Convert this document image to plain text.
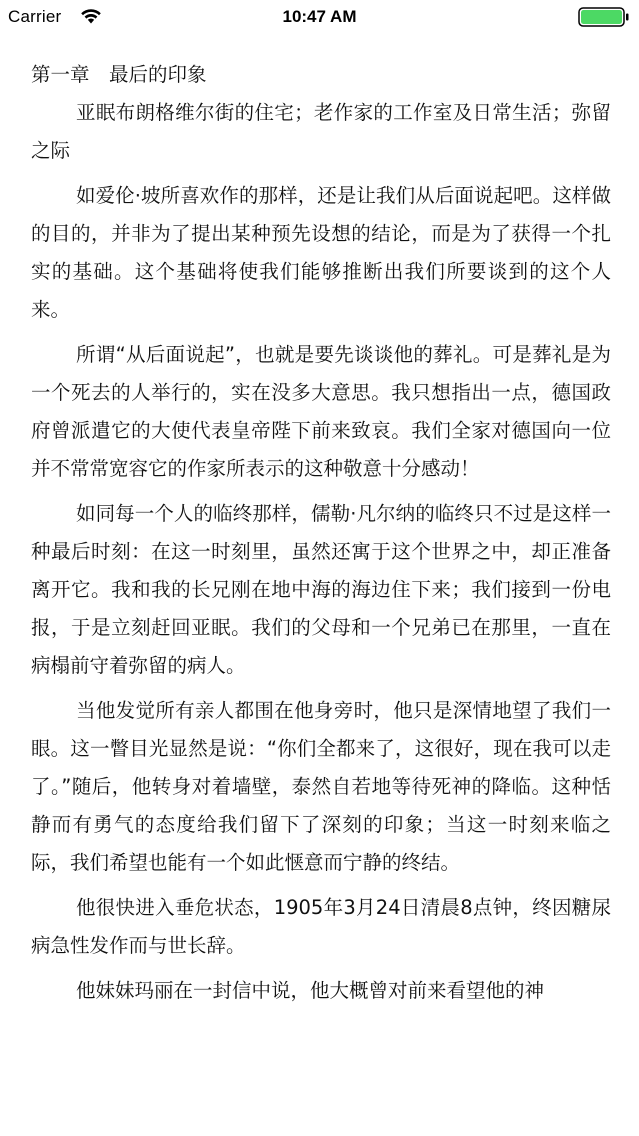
Carrier	10:47 AM
第一章　最后的印象

亚眠布朗格维尔街的住宅；老作家的工作室及日常生活；弥留之际

如爱伦·坡所喜欢作的那样，还是让我们从后面说起吧。这样做的目的，并非为了提出某种预先设想的结论，而是为了获得一个扎实的基础。这个基础将使我们能够推断出我们所要谈到的这个人来。

所谓“从后面说起”，也就是要先谈谈他的葬礼。可是葬礼是为一个死去的人举行的，实在没多大意思。我只想指出一点，德国政府曾派遣它的大使代表皇帝陛下前来致哀。我们全家对德国向一位并不常常宽容它的作家所表示的这种敬意十分感动！

如同每一个人的临终那样，儒勒·凡尔纳的临终只不过是这样一种最后时刻：在这一时刻里，虽然还寓于这个世界之中，却正准备离开它。我和我的长兄刚在地中海的海边住下来；我们接到一份电报，于是立刻赶回亚眠。我们的父母和一个兄弟已在那里，一直在病榻前守着弥留的病人。

当他发觉所有亲人都围在他身旁时，他只是深情地望了我们一眼。这一瞥目光显然是说：“你们全都来了，这很好，现在我可以走了。”随后，他转身对着墙壁，泰然自若地等待死神的降临。这种恬静而有勇气的态度给我们留下了深刻的印象；当这一时刻来临之际，我们希望也能有一个如此惬意而宁静的终结。

他很快进入垂危状态，1905年3月24日清晨8点钟，终因糖尿病急性发作而与世长辞。

他妹妹玛丽在一封信中说，他大概曾对前来看望他的神
